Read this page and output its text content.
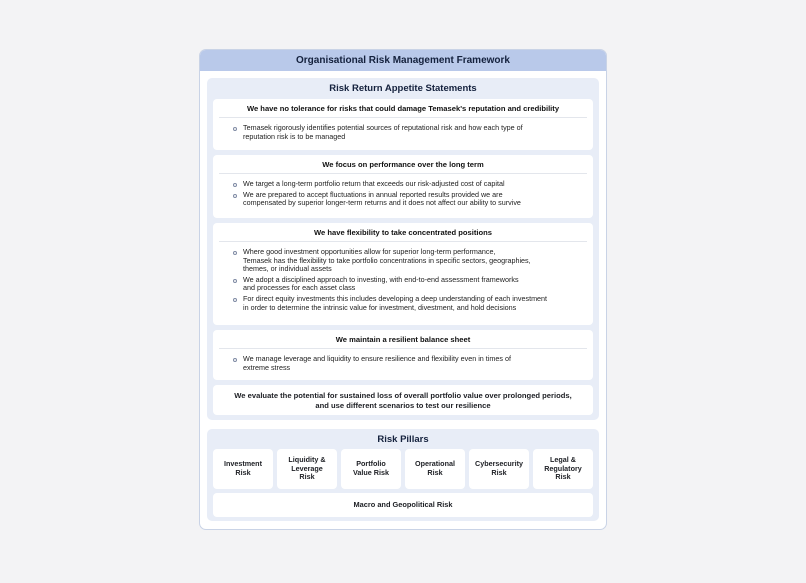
Organisational Risk Management Framework
Risk Return Appetite Statements
We have no tolerance for risks that could damage Temasek's reputation and credibility
Temasek rigorously identifies potential sources of reputational risk and how each type of
reputation risk is to be managed
We focus on performance over the long term
We target a long-term portfolio return that exceeds our risk-adjusted cost of capital
We are prepared to accept fluctuations in annual reported results provided we are
compensated by superior longer-term returns and it does not affect our ability to survive
We have flexibility to take concentrated positions
Where good investment opportunities allow for superior long-term performance,
Temasek has the flexibility to take portfolio concentrations in specific sectors, geographies,
themes, or individual assets
We adopt a disciplined approach to investing, with end-to-end assessment frameworks
and processes for each asset class
For direct equity investments this includes developing a deep understanding of each investment
in order to determine the intrinsic value for investment, divestment, and hold decisions
We maintain a resilient balance sheet
We manage leverage and liquidity to ensure resilience and flexibility even in times of
extreme stress
We evaluate the potential for sustained loss of overall portfolio value over prolonged periods,
and use different scenarios to test our resilience
Risk Pillars
Investment
Risk
Liquidity &
Leverage
Risk
Portfolio
Value Risk
Operational
Risk
Cybersecurity
Risk
Legal &
Regulatory
Risk
Macro and Geopolitical Risk
